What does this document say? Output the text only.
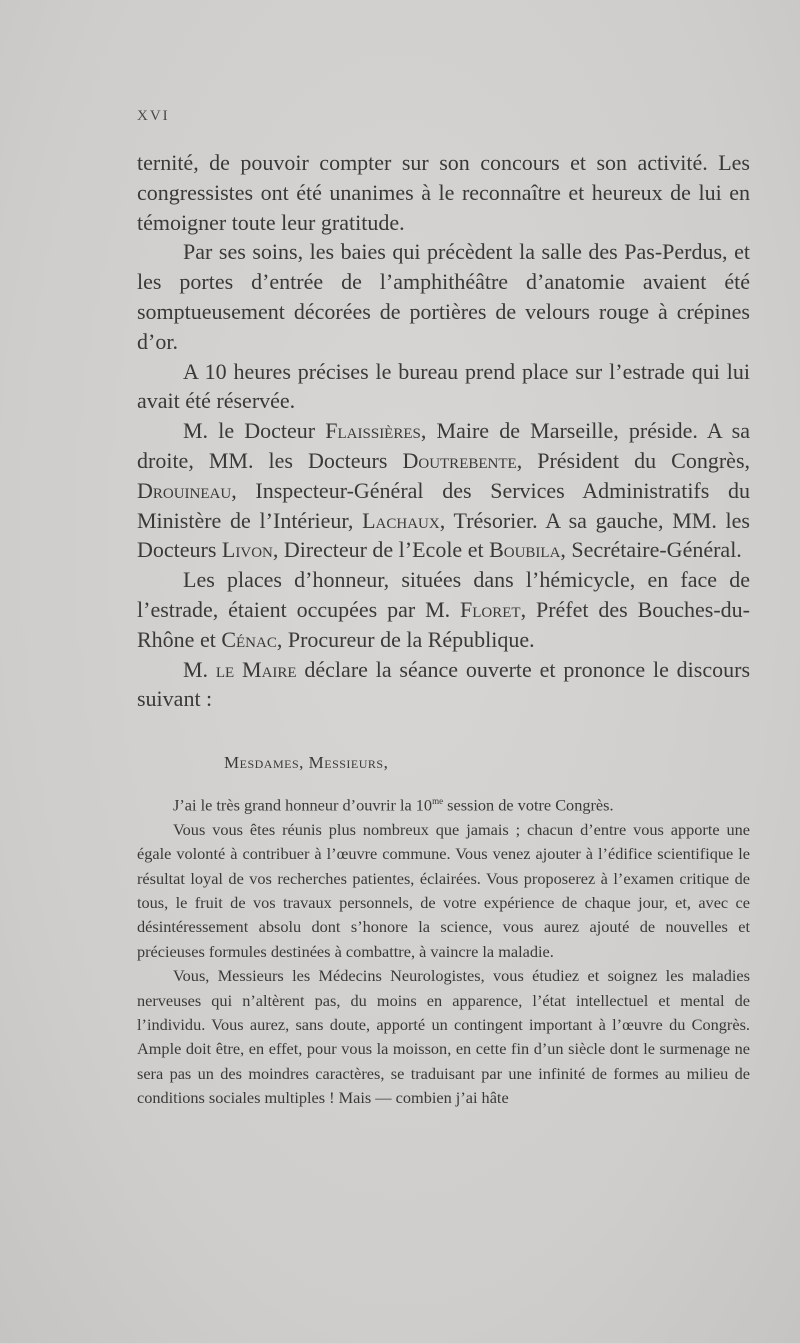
XVI

ternité, de pouvoir compter sur son concours et son activité. Les congressistes ont été unanimes à le reconnaître et heureux de lui en témoigner toute leur gratitude.

Par ses soins, les baies qui précèdent la salle des Pas-Perdus, et les portes d’entrée de l’amphithéâtre d’anatomie avaient été somptueusement décorées de portières de velours rouge à crépines d’or.

A 10 heures précises le bureau prend place sur l’estrade qui lui avait été réservée.

M. le Docteur Flaissières, Maire de Marseille, préside. A sa droite, MM. les Docteurs Doutrebente, Président du Congrès, Drouineau, Inspecteur-Général des Services Administratifs du Ministère de l’Intérieur, Lachaux, Trésorier. A sa gauche, MM. les Docteurs Livon, Directeur de l’Ecole et Boubila, Secrétaire-Général.

Les places d’honneur, situées dans l’hémicycle, en face de l’estrade, étaient occupées par M. Floret, Préfet des Bouches-du-Rhône et Cénac, Procureur de la République.

M. le Maire déclare la séance ouverte et prononce le discours suivant :

Mesdames, Messieurs,

J’ai le très grand honneur d’ouvrir la $10^{me}$ session de votre Congrès.

Vous vous êtes réunis plus nombreux que jamais ; chacun d’entre vous apporte une égale volonté à contribuer à l’œuvre commune. Vous venez ajouter à l’édifice scientifique le résultat loyal de vos recherches patientes, éclairées. Vous proposerez à l’examen critique de tous, le fruit de vos travaux personnels, de votre expérience de chaque jour, et, avec ce désintéressement absolu dont s’honore la science, vous aurez ajouté de nouvelles et précieuses formules destinées à combattre, à vaincre la maladie.

Vous, Messieurs les Médecins Neurologistes, vous étudiez et soignez les maladies nerveuses qui n’altèrent pas, du moins en apparence, l’état intellectuel et mental de l’individu. Vous aurez, sans doute, apporté un contingent important à l’œuvre du Congrès. Ample doit être, en effet, pour vous la moisson, en cette fin d’un siècle dont le surmenage ne sera pas un des moindres caractères, se traduisant par une infinité de formes au milieu de conditions sociales multiples ! Mais — combien j’ai hâte
